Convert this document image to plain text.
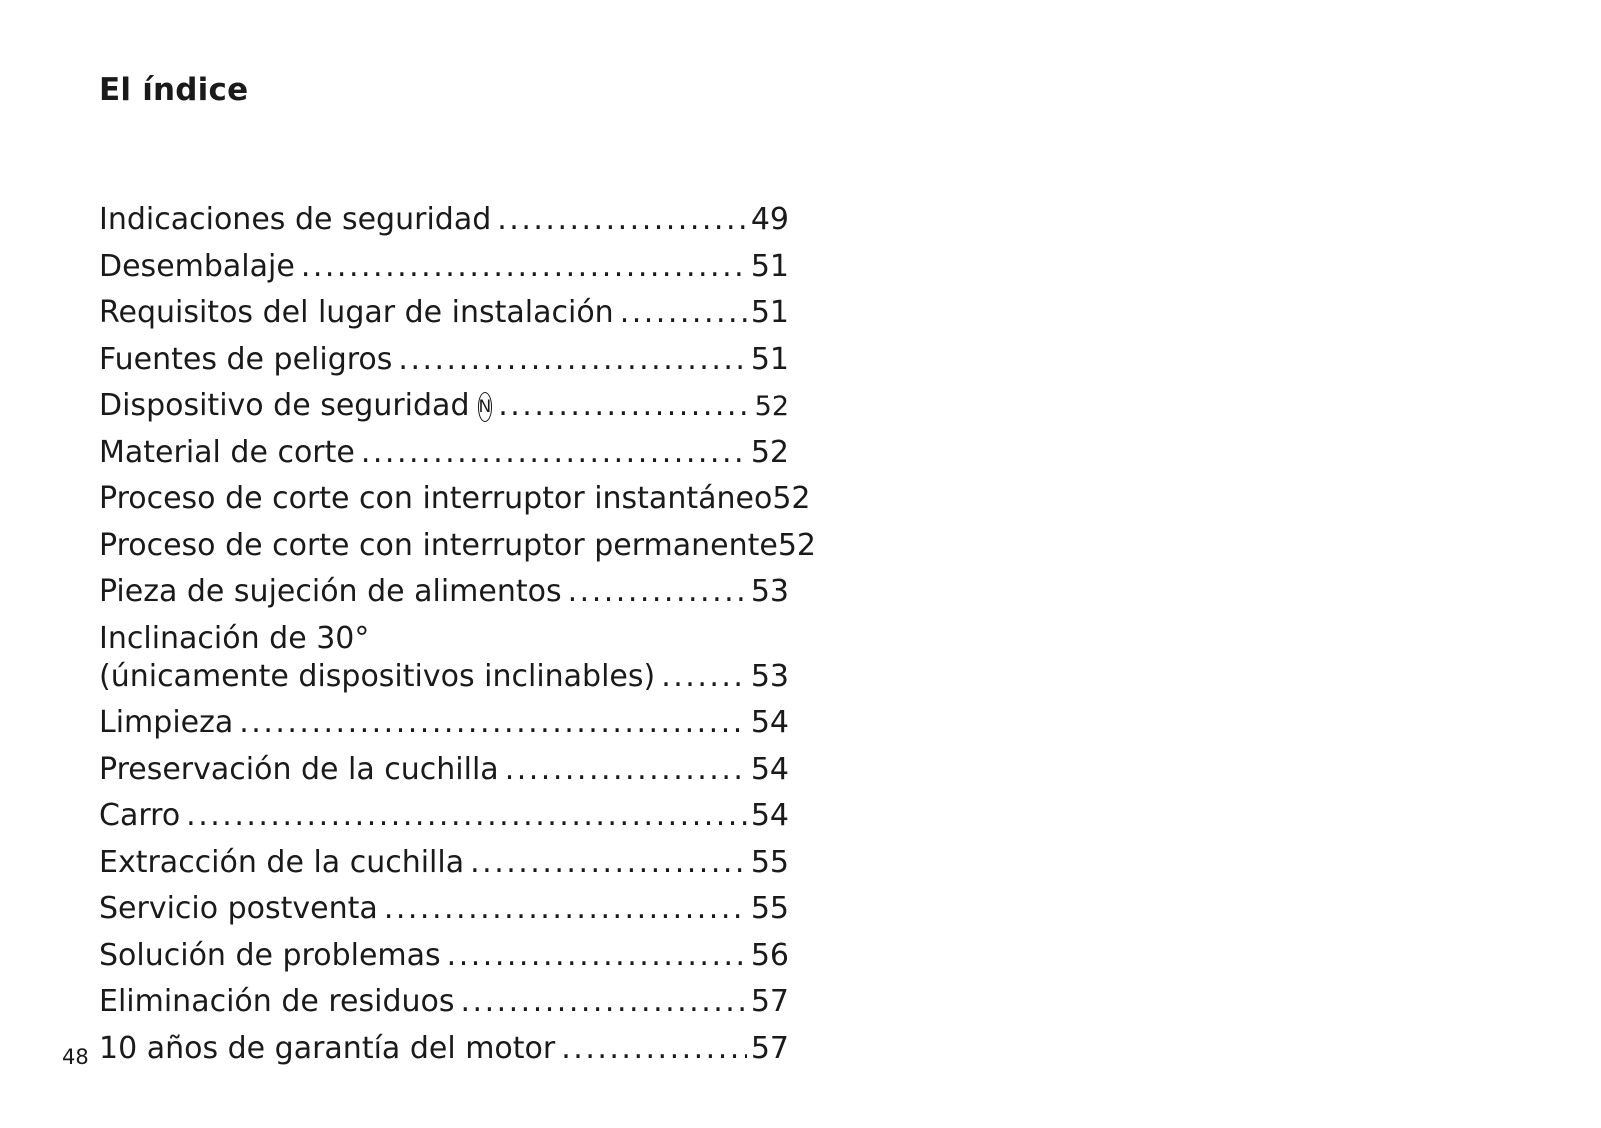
El índice
Indicaciones de seguridad .....	49
Desembalaje .....	51
Requisitos del lugar de instalación .....	51
Fuentes de peligros .....	51
Dispositivo de seguridad N .....	52
Material de corte .....	52
Proceso de corte con interruptor instantáneo 52
Proceso de corte con interruptor permanente 52
Pieza de sujeción de alimentos .....	53
Inclinación de 30°
(únicamente dispositivos inclinables) .....	53
Limpieza .....	54
Preservación de la cuchilla .....	54
Carro .....	54
Extracción de la cuchilla .....	55
Servicio postventa .....	55
Solución de problemas .....	56
Eliminación de residuos .....	57
10 años de garantía del motor .....	57

48
